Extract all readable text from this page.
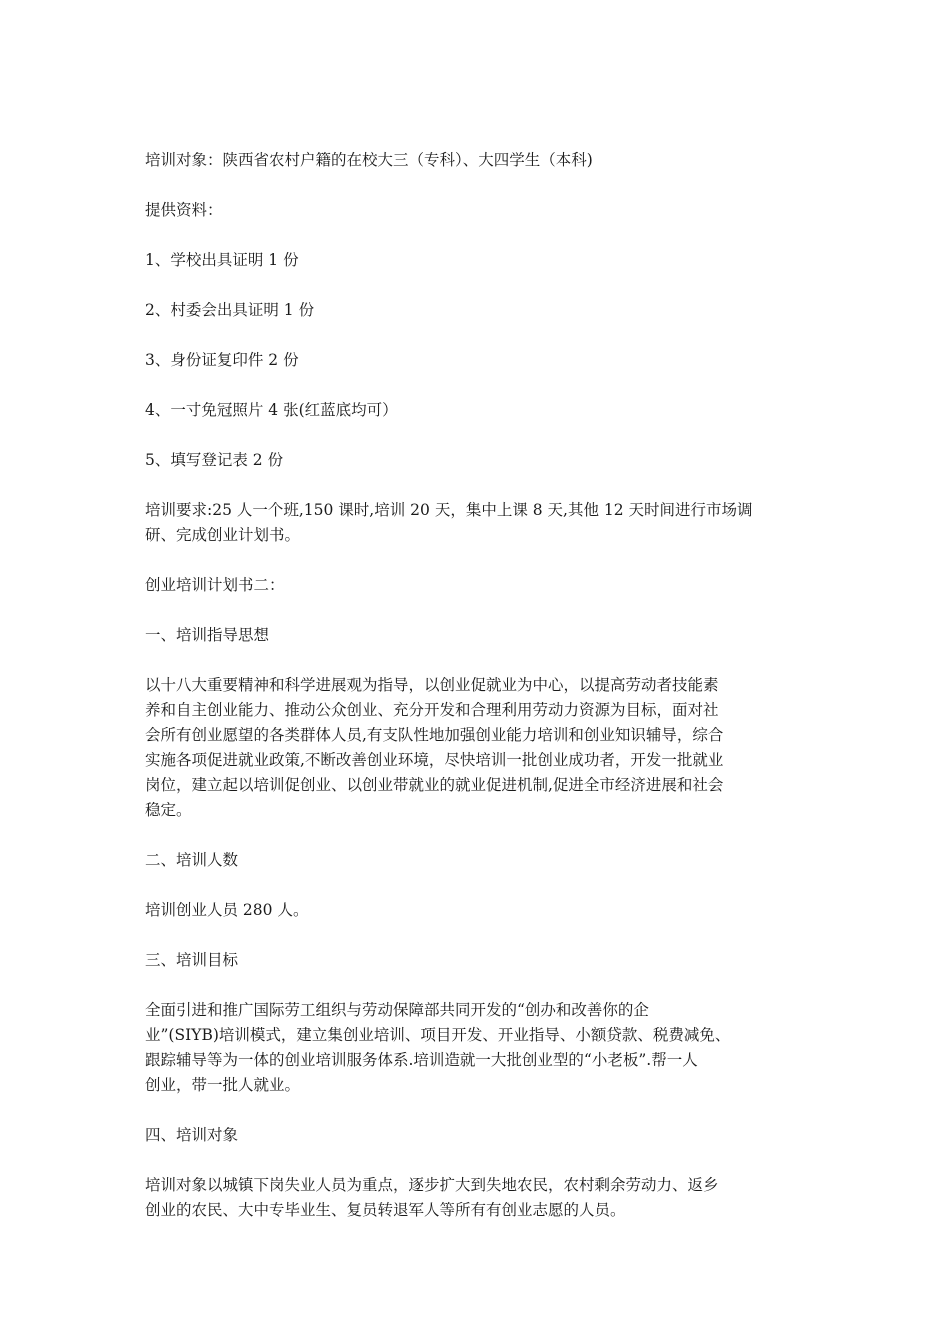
培训对象：陕西省农村户籍的在校大三（专科）、大四学生（本科)

提供资料：

1、学校出具证明 1 份

2、村委会出具证明 1 份

3、身份证复印件 2 份

4、一寸免冠照片 4 张(红蓝底均可）

5、填写登记表 2 份

培训要求:25 人一个班,150 课时,培训 20 天，集中上课 8 天,其他 12 天时间进行市场调
研、完成创业计划书。

创业培训计划书二：

一、培训指导思想

以十八大重要精神和科学进展观为指导，以创业促就业为中心，以提高劳动者技能素
养和自主创业能力、推动公众创业、充分开发和合理利用劳动力资源为目标，面对社
会所有创业愿望的各类群体人员,有支队性地加强创业能力培训和创业知识辅导，综合
实施各项促进就业政策,不断改善创业环境，尽快培训一批创业成功者，开发一批就业
岗位，建立起以培训促创业、以创业带就业的就业促进机制,促进全市经济进展和社会
稳定。

二、培训人数

培训创业人员 280 人。

三、培训目标

全面引进和推广国际劳工组织与劳动保障部共同开发的“创办和改善你的企
业”(SIYB)培训模式，建立集创业培训、项目开发、开业指导、小额贷款、税费减免、
跟踪辅导等为一体的创业培训服务体系.培训造就一大批创业型的“小老板”.帮一人
创业，带一批人就业。

四、培训对象

培训对象以城镇下岗失业人员为重点，逐步扩大到失地农民，农村剩余劳动力、返乡
创业的农民、大中专毕业生、复员转退军人等所有有创业志愿的人员。
